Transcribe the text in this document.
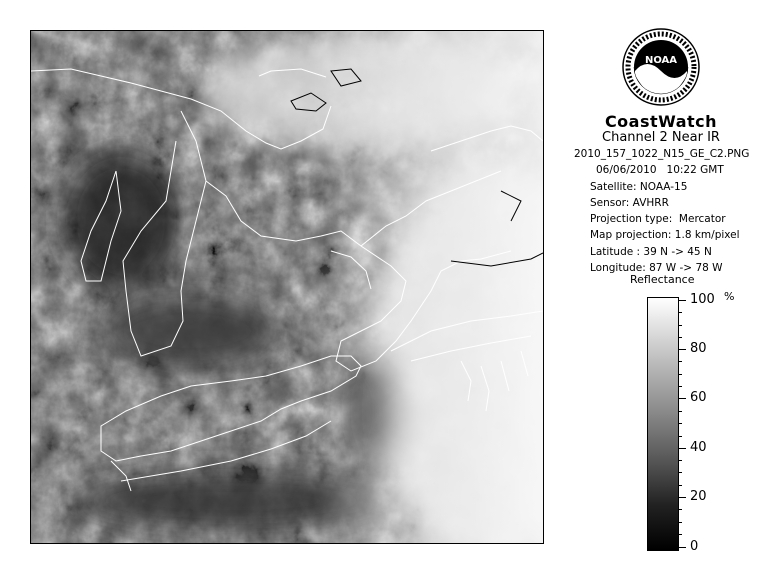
NOAA
CoastWatch
Channel 2 Near IR
2010_157_1022_N15_GE_C2.PNG
06/06/2010   10:22 GMT
Satellite: NOAA-15
Sensor: AVHRR
Projection type:  Mercator
Map projection: 1.8 km/pixel
Latitude : 39 N -> 45 N
Longitude: 87 W -> 78 W
Reflectance
%
100
80
60
40
20
0
